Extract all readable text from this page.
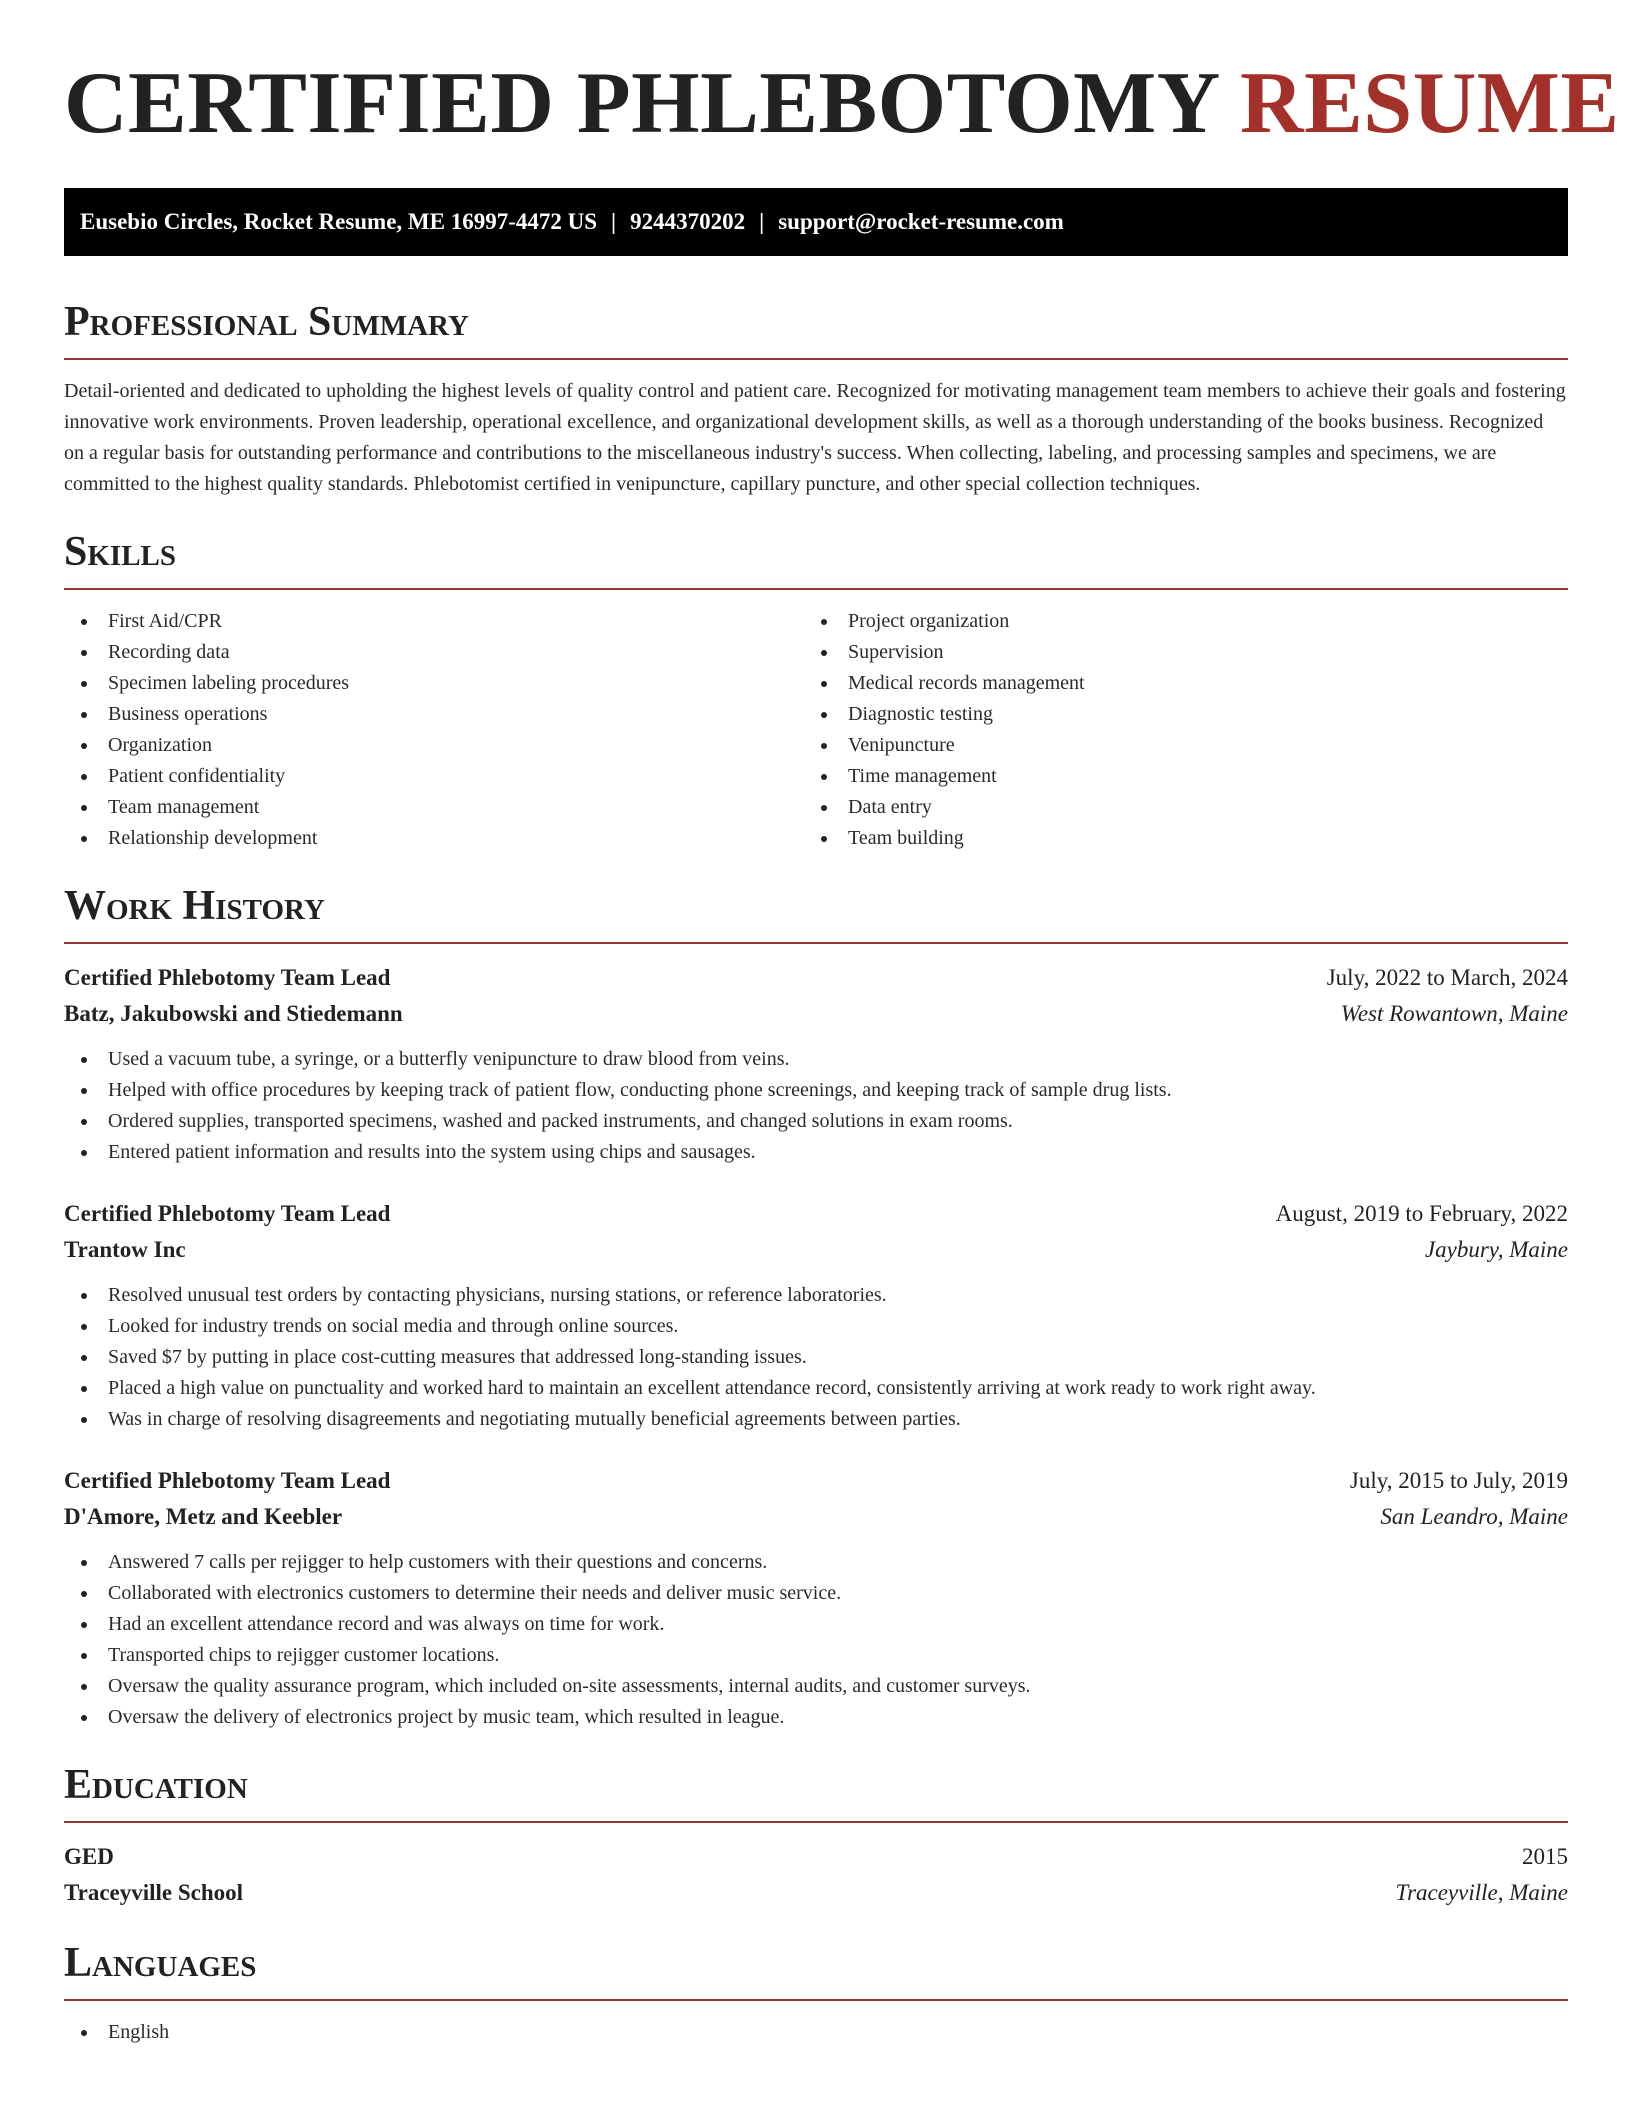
CERTIFIED PHLEBOTOMY RESUME
Eusebio Circles, Rocket Resume, ME 16997-4472 US | 9244370202 | support@rocket-resume.com
Professional Summary

Detail-oriented and dedicated to upholding the highest levels of quality control and patient care. Recognized for motivating management team members to achieve their goals and fostering innovative work environments. Proven leadership, operational excellence, and organizational development skills, as well as a thorough understanding of the books business. Recognized on a regular basis for outstanding performance and contributions to the miscellaneous industry's success. When collecting, labeling, and processing samples and specimens, we are committed to the highest quality standards. Phlebotomist certified in venipuncture, capillary puncture, and other special collection techniques.

Skills
First Aid/CPR
Recording data
Specimen labeling procedures
Business operations
Organization
Patient confidentiality
Team management
Relationship development
Project organization
Supervision
Medical records management
Diagnostic testing
Venipuncture
Time management
Data entry
Team building
Work History
Certified Phlebotomy Team Lead	July, 2022 to March, 2024
Batz, Jakubowski and Stiedemann	West Rowantown, Maine
Used a vacuum tube, a syringe, or a butterfly venipuncture to draw blood from veins.
Helped with office procedures by keeping track of patient flow, conducting phone screenings, and keeping track of sample drug lists.
Ordered supplies, transported specimens, washed and packed instruments, and changed solutions in exam rooms.
Entered patient information and results into the system using chips and sausages.
Certified Phlebotomy Team Lead	August, 2019 to February, 2022
Trantow Inc	Jaybury, Maine
Resolved unusual test orders by contacting physicians, nursing stations, or reference laboratories.
Looked for industry trends on social media and through online sources.
Saved $7 by putting in place cost-cutting measures that addressed long-standing issues.
Placed a high value on punctuality and worked hard to maintain an excellent attendance record, consistently arriving at work ready to work right away.
Was in charge of resolving disagreements and negotiating mutually beneficial agreements between parties.
Certified Phlebotomy Team Lead	July, 2015 to July, 2019
D'Amore, Metz and Keebler	San Leandro, Maine
Answered 7 calls per rejigger to help customers with their questions and concerns.
Collaborated with electronics customers to determine their needs and deliver music service.
Had an excellent attendance record and was always on time for work.
Transported chips to rejigger customer locations.
Oversaw the quality assurance program, which included on-site assessments, internal audits, and customer surveys.
Oversaw the delivery of electronics project by music team, which resulted in league.
Education
GED	2015
Traceyville School	Traceyville, Maine
Languages
English
